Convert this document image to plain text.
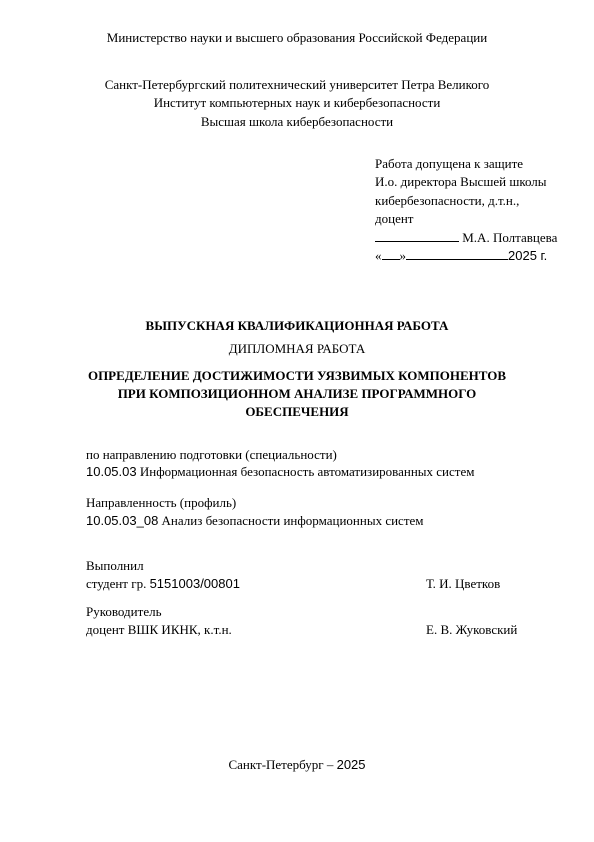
Министерство науки и высшего образования Российской Федерации
Санкт-Петербургский политехнический университет Петра Великого
Институт компьютерных наук и кибербезопасности
Высшая школа кибербезопасности
Работа допущена к защите
И.о. директора Высшей школы
кибербезопасности, д.т.н.,
доцент
М.А. Полтавцева
« »	2025 г.
ВЫПУСКНАЯ КВАЛИФИКАЦИОННАЯ РАБОТА
ДИПЛОМНАЯ РАБОТА
ОПРЕДЕЛЕНИЕ ДОСТИЖИМОСТИ УЯЗВИМЫХ КОМПОНЕНТОВ
ПРИ КОМПОЗИЦИОННОМ АНАЛИЗЕ ПРОГРАММНОГО
ОБЕСПЕЧЕНИЯ
по направлению подготовки (специальности)
10.05.03 Информационная безопасность автоматизированных систем
Направленность (профиль)
10.05.03_08 Анализ безопасности информационных систем
Выполнил
студент гр. 5151003/00801	Т. И. Цветков
Руководитель
доцент ВШК ИКНК, к.т.н.	Е. В. Жуковский
Санкт-Петербург – 2025
